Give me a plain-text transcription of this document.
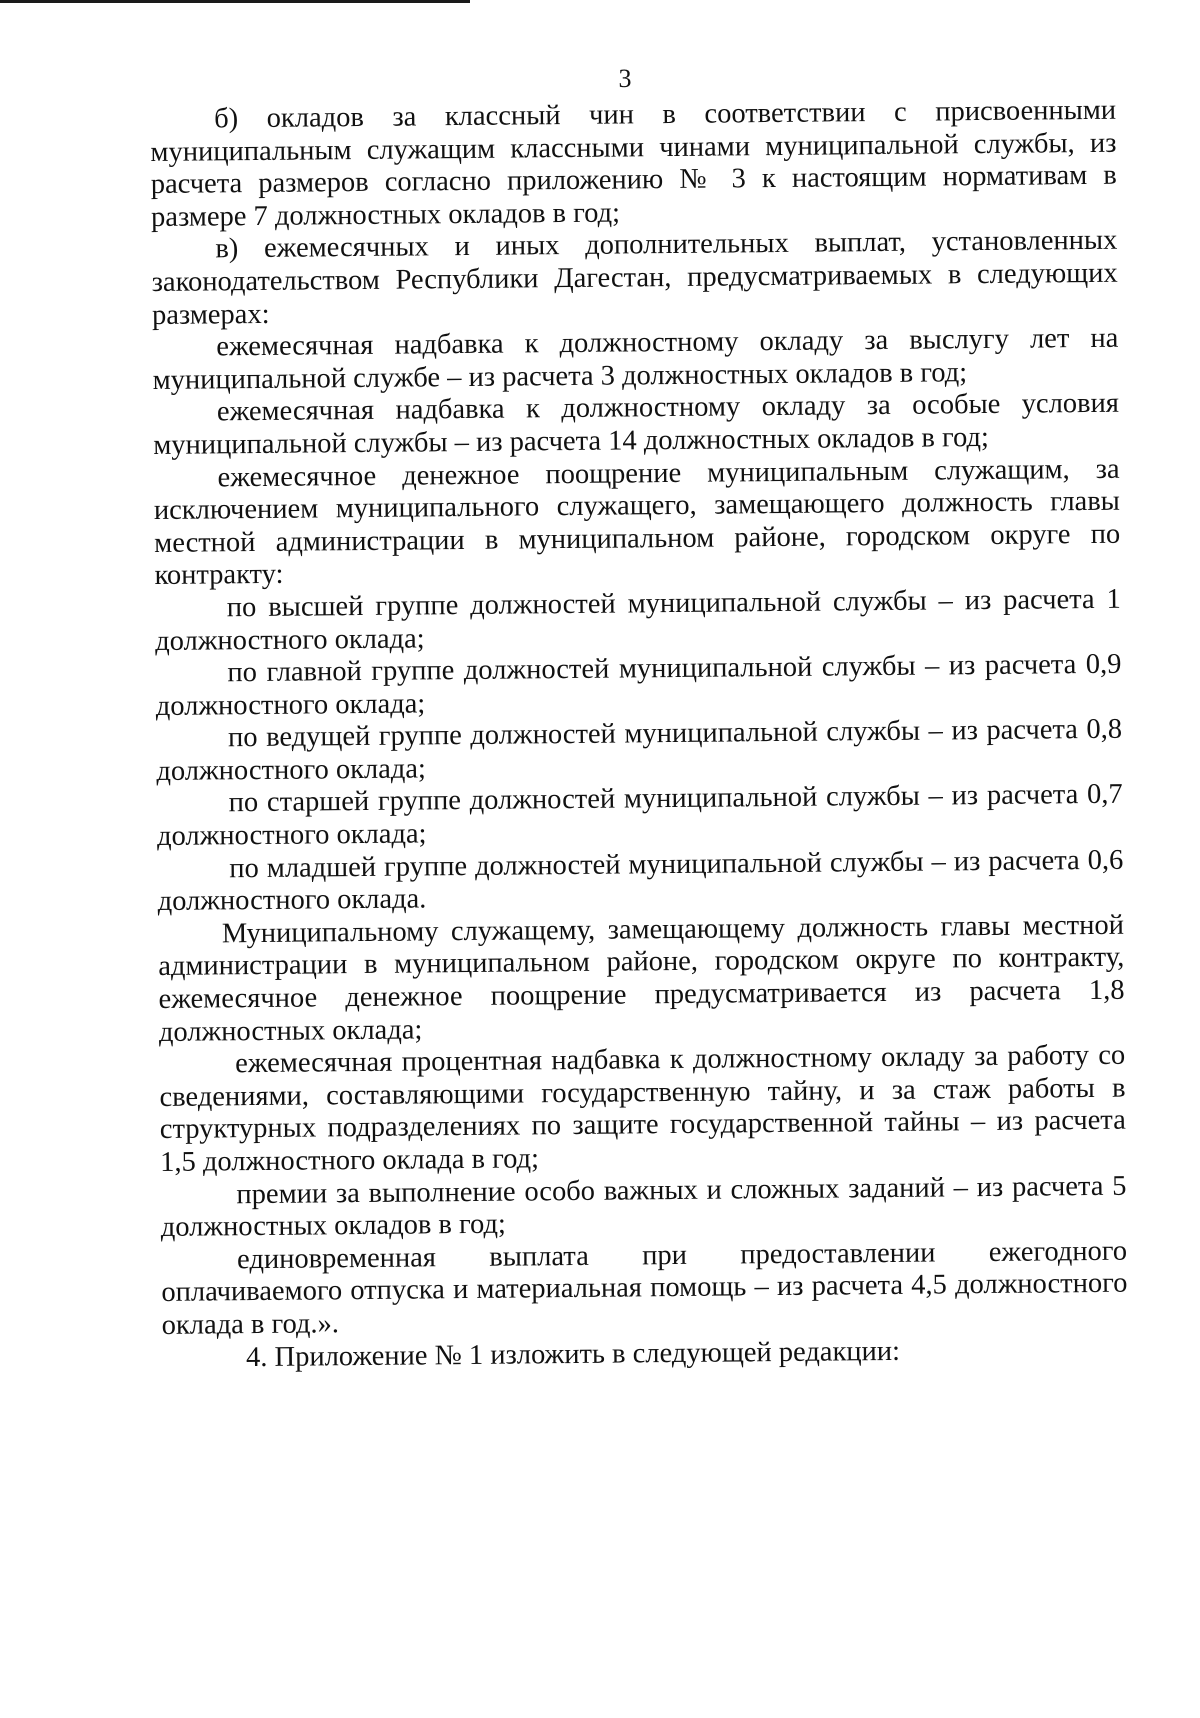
3

б) окладов за классный чин в соответствии с присвоенными муниципальным служащим классными чинами муниципальной службы, из расчета размеров согласно приложению № 3 к настоящим нормативам в размере 7 должностных окладов в год;

в) ежемесячных и иных дополнительных выплат, установленных законодательством Республики Дагестан, предусматриваемых в следующих размерах:

ежемесячная надбавка к должностному окладу за выслугу лет на муниципальной службе – из расчета 3 должностных окладов в год;

ежемесячная надбавка к должностному окладу за особые условия муниципальной службы – из расчета 14 должностных окладов в год;

ежемесячное денежное поощрение муниципальным служащим, за исключением муниципального служащего, замещающего должность главы местной администрации в муниципальном районе, городском округе по контракту:

по высшей группе должностей муниципальной службы – из расчета 1 должностного оклада;

по главной группе должностей муниципальной службы – из расчета 0,9 должностного оклада;

по ведущей группе должностей муниципальной службы – из расчета 0,8 должностного оклада;

по старшей группе должностей муниципальной службы – из расчета 0,7 должностного оклада;

по младшей группе должностей муниципальной службы – из расчета 0,6 должностного оклада.

Муниципальному служащему, замещающему должность главы местной администрации в муниципальном районе, городском округе по контракту, ежемесячное денежное поощрение предусматривается из расчета 1,8 должностных оклада;

ежемесячная процентная надбавка к должностному окладу за работу со сведениями, составляющими государственную тайну, и за стаж работы в структурных подразделениях по защите государственной тайны – из расчета 1,5 должностного оклада в год;

премии за выполнение особо важных и сложных заданий – из расчета 5 должностных окладов в год;

единовременная выплата при предоставлении ежегодного оплачиваемого отпуска и материальная помощь – из расчета 4,5 должностного оклада в год.».

4. Приложение № 1 изложить в следующей редакции:
